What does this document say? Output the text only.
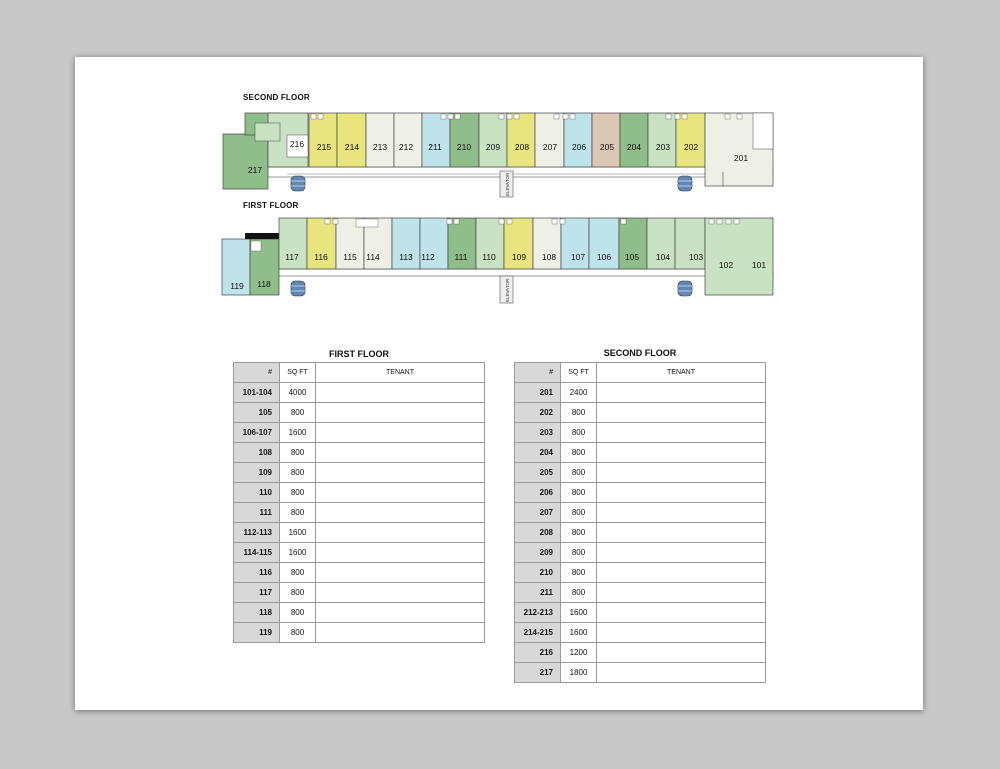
SECOND FLOOR
FIRST FLOOR
217
216 215 214 213 212 211 210 209 208 207 206 205 204 203 202
201
119 118
117 116 115 114 113 112 111 110 109 108 107 106 105 104 103
102 101
ELEVATOR
ELEVATOR
FIRST FLOOR
#	SQ FT	TENANT
101-104	4000	
105	800	
106-107	1600	
108	800	
109	800	
110	800	
111	800	
112-113	1600	
114-115	1600	
116	800	
117	800	
118	800	
119	800	
SECOND FLOOR
#	SQ FT	TENANT
201	2400	
202	800	
203	800	
204	800	
205	800	
206	800	
207	800	
208	800	
209	800	
210	800	
211	800	
212-213	1600	
214-215	1600	
216	1200	
217	1800	
